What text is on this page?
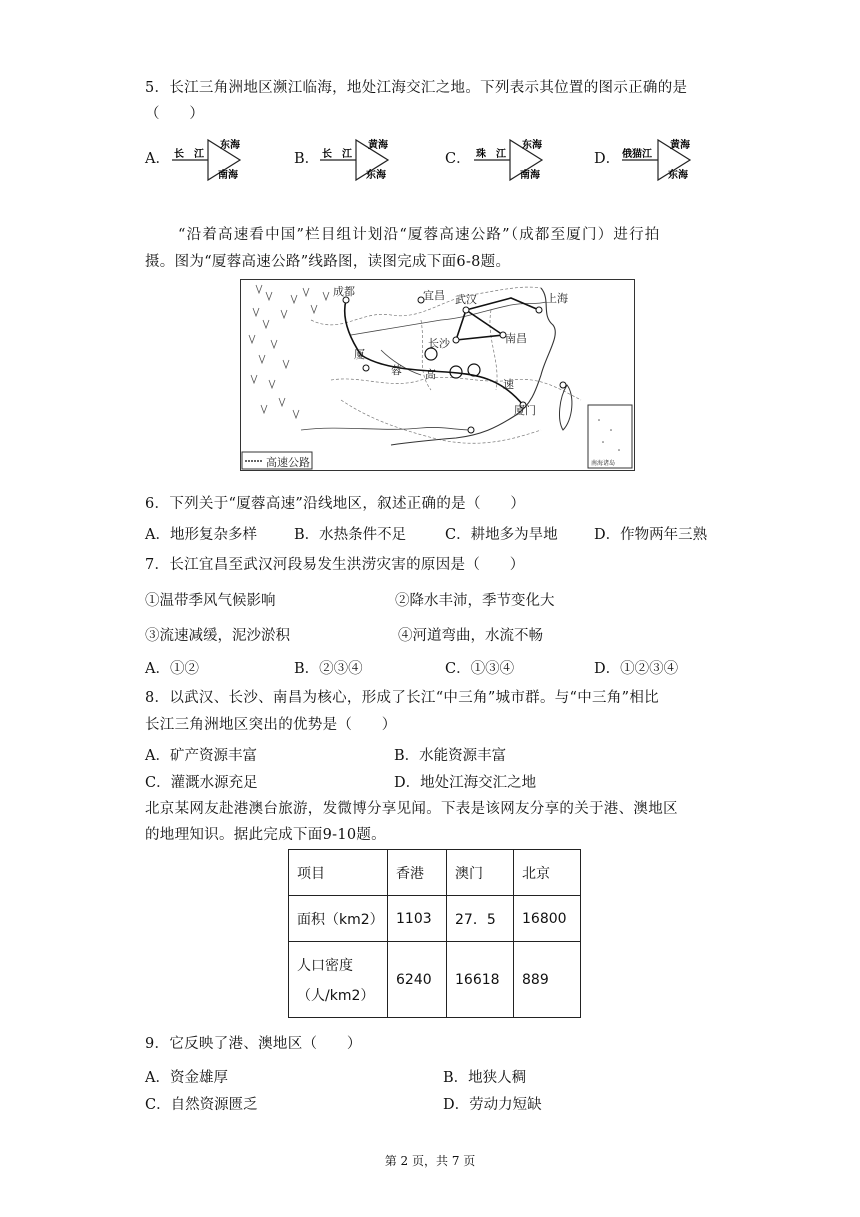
5．长江三角洲地区濒江临海，地处江海交汇之地。下列表示其位置的图示正确的是
（　　）
A． 长　江
东海
南海
B． 长　江
黄海
东海
C． 珠　江
东海
南海
D． 俄猫江
黄海
东海
“沿着高速看中国”栏目组计划沿“厦蓉高速公路”（成都至厦门）进行拍
摄。图为“厦蓉高速公路”线路图，读图完成下面6-8题。
成都	宜昌 武汉	上海
长沙	南昌
厦门
厦
蓉 高
速
高速公路	南海诸岛
6．下列关于“厦蓉高速”沿线地区，叙述正确的是（　　）
A．地形复杂多样	B．水热条件不足	C．耕地多为旱地	D．作物两年三熟
7．长江宜昌至武汉河段易发生洪涝灾害的原因是（　　）
①温带季风气候影响	②降水丰沛，季节变化大
③流速减缓，泥沙淤积	④河道弯曲，水流不畅
A．①②	B．②③④	C．①③④	D．①②③④
8．以武汉、长沙、南昌为核心，形成了长江“中三角”城市群。与“中三角”相比
长江三角洲地区突出的优势是（　　）
A．矿产资源丰富	B．水能资源丰富
C．灌溉水源充足	D．地处江海交汇之地
北京某网友赴港澳台旅游，发微博分享见闻。下表是该网友分享的关于港、澳地区
的地理知识。据此完成下面9-10题。
项目	香港	澳门	北京
面积（km2）	1103	27．5	16800

人口密度
（人/km2）	6240	16618	889
9．它反映了港、澳地区（　　）
A．资金雄厚	B．地狭人稠
C．自然资源匮乏	D．劳动力短缺
第 2 页，共 7 页
